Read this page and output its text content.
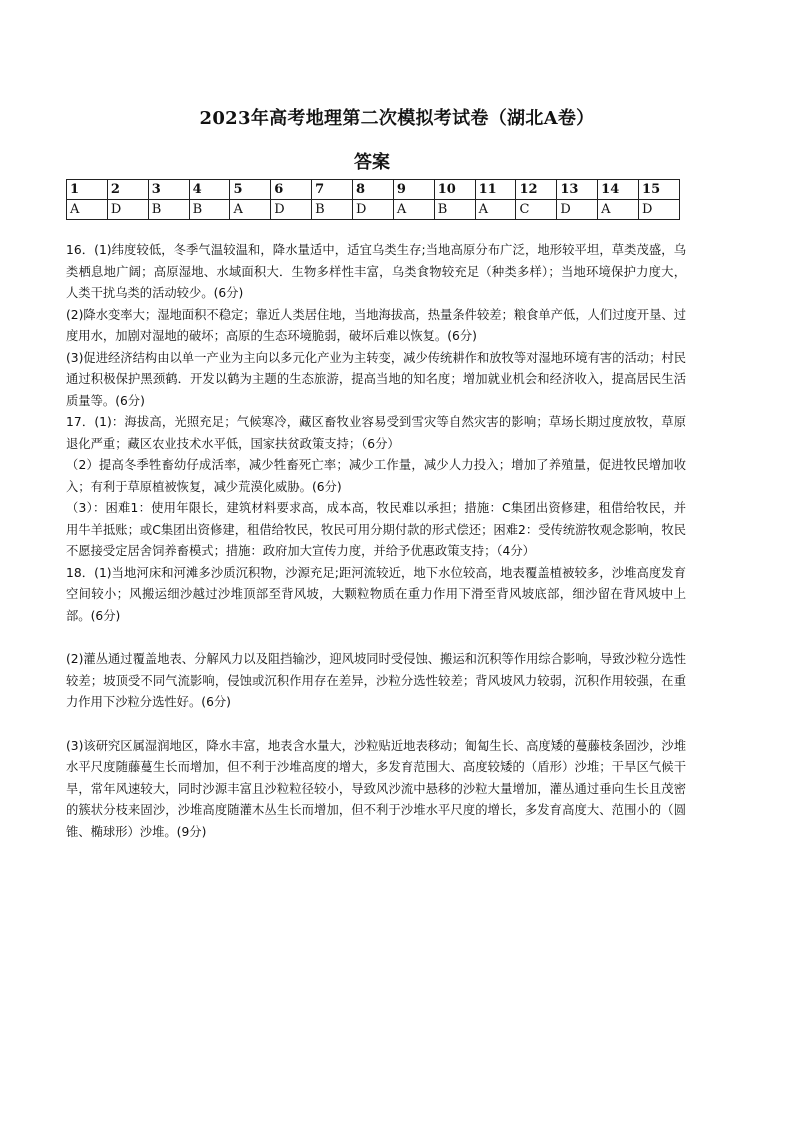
2023年高考地理第二次模拟考试卷（湖北A卷）
答案
1	2	3	4	5	6	7	8	9	10	11	12	13	14	15
A	D	B	B	A	D	B	D	A	B	A	C	D	A	D

16．(1)纬度较低，冬季气温较温和，降水量适中，适宜乌类生存;当地高原分布广泛，地形较平坦，草类茂盛，乌类栖息地广阔；高原湿地、水域面积大．生物多样性丰富，乌类食物较充足（种类多样）；当地环境保护力度大，人类干扰乌类的活动较少。(6分)

(2)降水变率大；湿地面积不稳定；靠近人类居住地，当地海拔高，热量条件较差；粮食单产低，人们过度开垦、过度用水，加剧对湿地的破坏；高原的生态环境脆弱，破坏后难以恢复。(6分)

(3)促进经济结构由以单一产业为主向以多元化产业为主转变，减少传统耕作和放牧等对湿地环境有害的活动；村民通过积极保护黑颈鹤．开发以鹤为主题的生态旅游，提高当地的知名度；增加就业机会和经济收入，提高居民生活质量等。(6分)

17．(1)：海拔高，光照充足；气候寒冷，藏区畜牧业容易受到雪灾等自然灾害的影响；草场长期过度放牧，草原退化严重；藏区农业技术水平低，国家扶贫政策支持；（6分）

（2）提高冬季牲畜幼仔成活率，减少牲畜死亡率；减少工作量，减少人力投入；增加了养殖量，促进牧民增加收入；有利于草原植被恢复，减少荒漠化威胁。(6分)

（3）：困难1：使用年限长，建筑材料要求高，成本高，牧民难以承担；措施：C集团出资修建，租借给牧民，并用牛羊抵账；或C集团出资修建，租借给牧民，牧民可用分期付款的形式偿还；困难2：受传统游牧观念影响，牧民不愿接受定居舍饲养畜模式；措施：政府加大宣传力度，并给予优惠政策支持；（4分）

18．(1)当地河床和河滩多沙质沉积物，沙源充足;距河流较近，地下水位较高，地表覆盖植被较多，沙堆高度发育空间较小；风搬运细沙越过沙堆顶部至背风坡，大颗粒物质在重力作用下滑至背风坡底部，细沙留在背风坡中上部。(6分)

(2)灌丛通过覆盖地表、分解风力以及阻挡输沙，迎风坡同时受侵蚀、搬运和沉积等作用综合影响，导致沙粒分选性较差；坡顶受不同气流影响，侵蚀或沉积作用存在差异，沙粒分选性较差；背风坡风力较弱，沉积作用较强，在重力作用下沙粒分选性好。(6分)

(3)该研究区属湿润地区，降水丰富，地表含水量大，沙粒贴近地表移动；匍匐生长、高度矮的蔓藤枝条固沙，沙堆水平尺度随藤蔓生长而增加，但不利于沙堆高度的增大，多发育范围大、高度较矮的（盾形）沙堆；干旱区气候干旱，常年风速较大，同时沙源丰富且沙粒粒径较小，导致风沙流中悬移的沙粒大量增加，灌丛通过垂向生长且茂密的簇状分枝来固沙，沙堆高度随灌木丛生长而增加，但不利于沙堆水平尺度的增长，多发育高度大、范围小的（圆锥、椭球形）沙堆。(9分)
